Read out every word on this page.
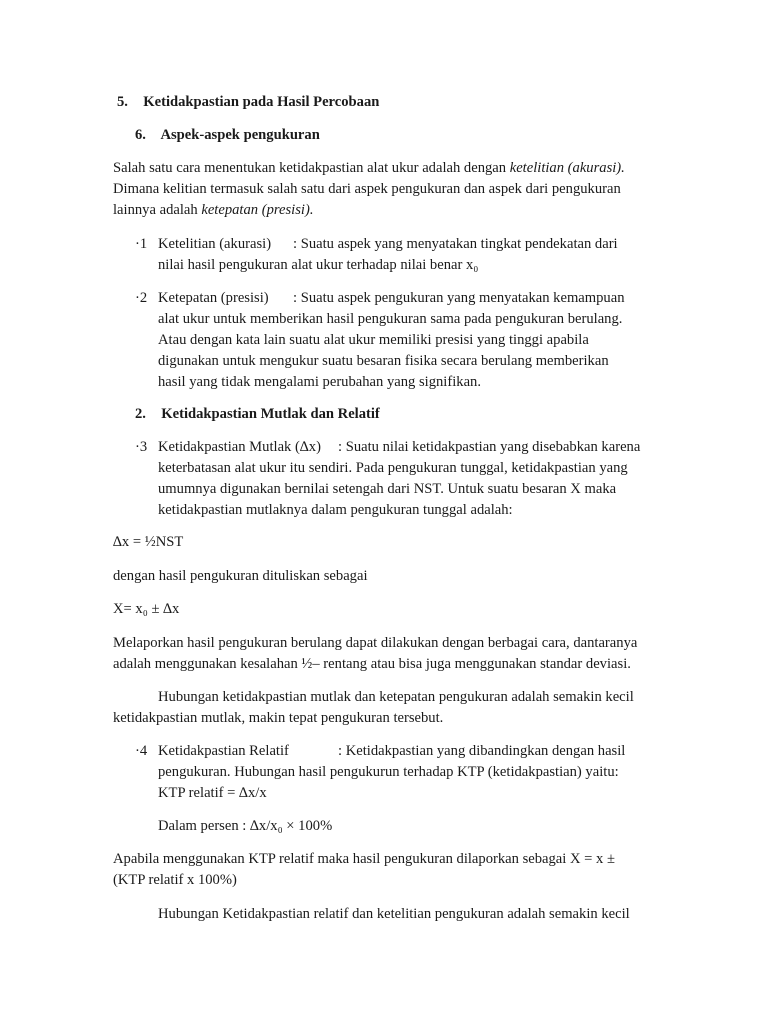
5. Ketidakpastian pada Hasil Percobaan
6. Aspek-aspek pengukuran
Salah satu cara menentukan ketidakpastian alat ukur adalah dengan ketelitian (akurasi).
Dimana kelitian termasuk salah satu dari aspek pengukuran dan aspek dari pengukuran
lainnya adalah ketepatan (presisi).
·1 Ketelitian (akurasi) : Suatu aspek yang menyatakan tingkat pendekatan dari
nilai hasil pengukuran alat ukur terhadap nilai benar x₀
·2 Ketepatan (presisi) : Suatu aspek pengukuran yang menyatakan kemampuan
alat ukur untuk memberikan hasil pengukuran sama pada pengukuran berulang.
Atau dengan kata lain suatu alat ukur memiliki presisi yang tinggi apabila
digunakan untuk mengukur suatu besaran fisika secara berulang memberikan
hasil yang tidak mengalami perubahan yang signifikan.
2. Ketidakpastian Mutlak dan Relatif
·3 Ketidakpastian Mutlak (∆x) : Suatu nilai ketidakpastian yang disebabkan karena
keterbatasan alat ukur itu sendiri. Pada pengukuran tunggal, ketidakpastian yang
umumnya digunakan bernilai setengah dari NST. Untuk suatu besaran X maka
ketidakpastian mutlaknya dalam pengukuran tunggal adalah:
∆x = ½NST
dengan hasil pengukuran dituliskan sebagai
X= x₀ ± ∆x
Melaporkan hasil pengukuran berulang dapat dilakukan dengan berbagai cara, dantaranya
adalah menggunakan kesalahan ½– rentang atau bisa juga menggunakan standar deviasi.
Hubungan ketidakpastian mutlak dan ketepatan pengukuran adalah semakin kecil
ketidakpastian mutlak, makin tepat pengukuran tersebut.
·4 Ketidakpastian Relatif	: Ketidakpastian yang dibandingkan dengan hasil
pengukuran. Hubungan hasil pengukurun terhadap KTP (ketidakpastian) yaitu:
KTP relatif = ∆x/x
Dalam persen : ∆x/x₀ × 100%
Apabila menggunakan KTP relatif maka hasil pengukuran dilaporkan sebagai X = x ±
(KTP relatif x 100%)
Hubungan Ketidakpastian relatif dan ketelitian pengukuran adalah semakin kecil
